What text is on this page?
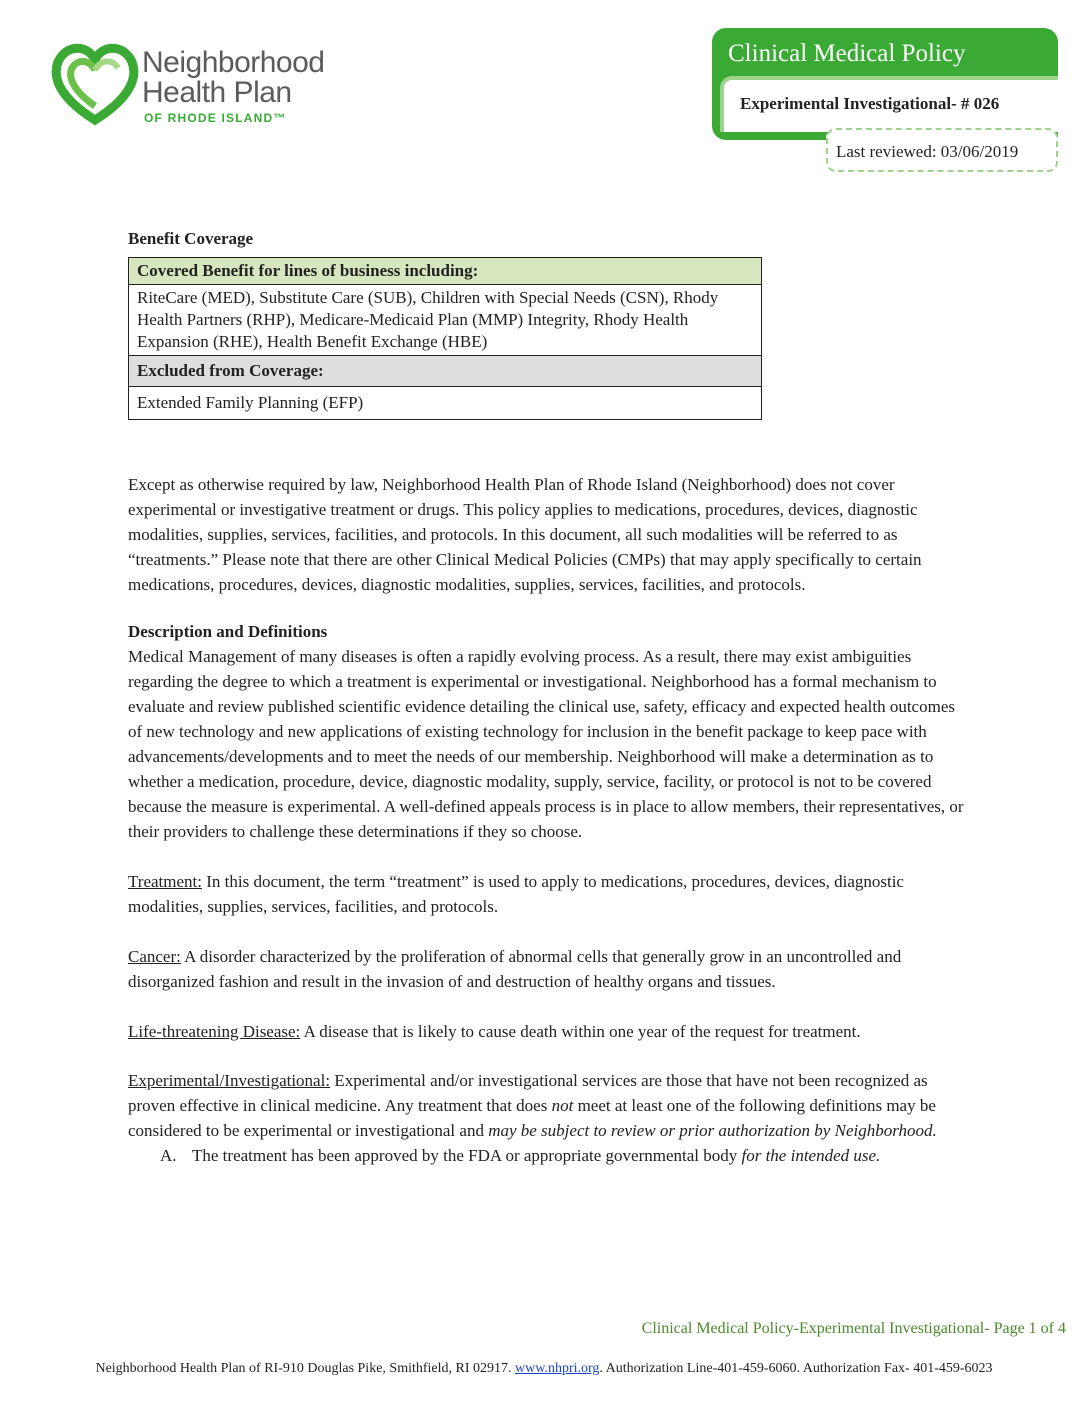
Neighborhood
Health Plan
OF RHODE ISLAND™
Clinical Medical Policy
Experimental Investigational- # 026
Last reviewed: 03/06/2019

Benefit Coverage

Covered Benefit for lines of business including:
RiteCare (MED), Substitute Care (SUB), Children with Special Needs (CSN), Rhody Health Partners (RHP), Medicare-Medicaid Plan (MMP) Integrity, Rhody Health Expansion (RHE), Health Benefit Exchange (HBE)
Excluded from Coverage:
Extended Family Planning (EFP)

Except as otherwise required by law, Neighborhood Health Plan of Rhode Island (Neighborhood) does not cover experimental or investigative treatment or drugs. This policy applies to medications, procedures, devices, diagnostic modalities, supplies, services, facilities, and protocols. In this document, all such modalities will be referred to as “treatments.” Please note that there are other Clinical Medical Policies (CMPs) that may apply specifically to certain medications, procedures, devices, diagnostic modalities, supplies, services, facilities, and protocols.

Description and Definitions

Medical Management of many diseases is often a rapidly evolving process. As a result, there may exist ambiguities regarding the degree to which a treatment is experimental or investigational. Neighborhood has a formal mechanism to evaluate and review published scientific evidence detailing the clinical use, safety, efficacy and expected health outcomes of new technology and new applications of existing technology for inclusion in the benefit package to keep pace with advancements/developments and to meet the needs of our membership. Neighborhood will make a determination as to whether a medication, procedure, device, diagnostic modality, supply, service, facility, or protocol is not to be covered because the measure is experimental. A well-defined appeals process is in place to allow members, their representatives, or their providers to challenge these determinations if they so choose.

Treatment: In this document, the term “treatment” is used to apply to medications, procedures, devices, diagnostic modalities, supplies, services, facilities, and protocols.

Cancer: A disorder characterized by the proliferation of abnormal cells that generally grow in an uncontrolled and disorganized fashion and result in the invasion of and destruction of healthy organs and tissues.

Life-threatening Disease: A disease that is likely to cause death within one year of the request for treatment.

Experimental/Investigational: Experimental and/or investigational services are those that have not been recognized as proven effective in clinical medicine. Any treatment that does not meet at least one of the following definitions may be considered to be experimental or investigational and may be subject to review or prior authorization by Neighborhood.

A. The treatment has been approved by the FDA or appropriate governmental body for the intended use.

Clinical Medical Policy-Experimental Investigational- Page 1 of 4
Neighborhood Health Plan of RI-910 Douglas Pike, Smithfield, RI 02917. www.nhpri.org. Authorization Line-401-459-6060. Authorization Fax- 401-459-6023
